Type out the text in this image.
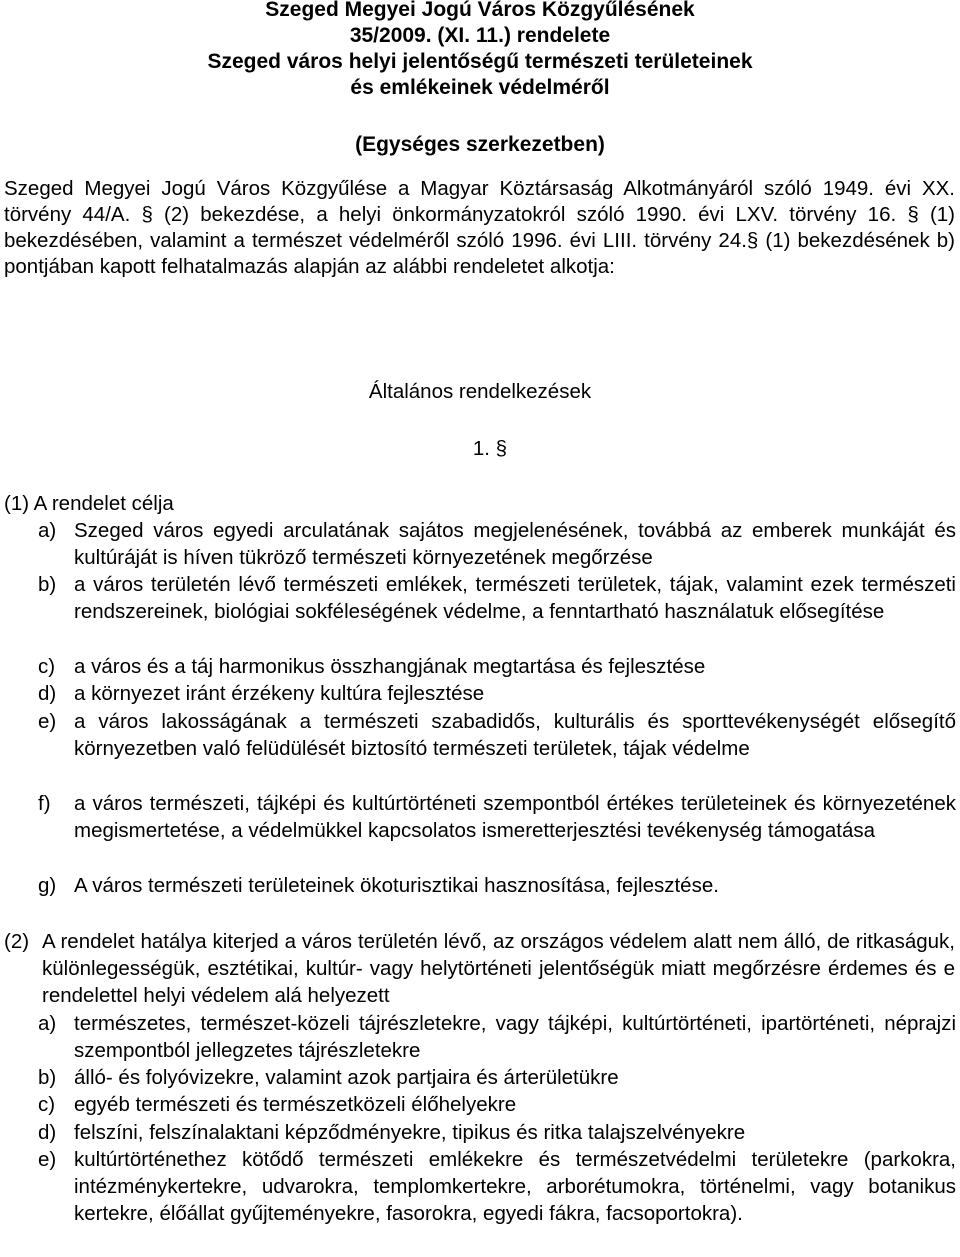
Szeged Megyei Jogú Város Közgyűlésének
35/2009. (XI. 11.) rendelete
Szeged város helyi jelentőségű természeti területeinek
és emlékeinek védelméről
(Egységes szerkezetben)
Szeged Megyei Jogú Város Közgyűlése a Magyar Köztársaság Alkotmányáról szóló 1949. évi XX. törvény 44/A. § (2) bekezdése, a helyi önkormányzatokról szóló 1990. évi LXV. törvény 16. § (1) bekezdésében, valamint a természet védelméről szóló 1996. évi LIII. törvény 24.§ (1) bekezdésének b) pontjában kapott felhatalmazás alapján az alábbi rendeletet alkotja:
Általános rendelkezések
1. §
(1) A rendelet célja
a) Szeged város egyedi arculatának sajátos megjelenésének, továbbá az emberek munkáját és kultúráját is híven tükröző természeti környezetének megőrzése
b) a város területén lévő természeti emlékek, természeti területek, tájak, valamint ezek természeti rendszereinek, biológiai sokféleségének védelme, a fenntartható használatuk elősegítése
c) a város és a táj harmonikus összhangjának megtartása és fejlesztése
d) a környezet iránt érzékeny kultúra fejlesztése
e) a város lakosságának a természeti szabadidős, kulturális és sporttevékenységét elősegítő környezetben való felüdülését biztosító természeti területek, tájak védelme
f) a város természeti, tájképi és kultúrtörténeti szempontból értékes területeinek és környezetének megismertetése, a védelmükkel kapcsolatos ismeretterjesztési tevékenység támogatása
g) A város természeti területeinek ökoturisztikai hasznosítása, fejlesztése.
(2) A rendelet hatálya kiterjed a város területén lévő, az országos védelem alatt nem álló, de ritkaságuk, különlegességük, esztétikai, kultúr- vagy helytörténeti jelentőségük miatt megőrzésre érdemes és e rendelettel helyi védelem alá helyezett
a) természetes, természet-közeli tájrészletekre, vagy tájképi, kultúrtörténeti, ipartörténeti, néprajzi szempontból jellegzetes tájrészletekre
b) álló- és folyóvizekre, valamint azok partjaira és árterületükre
c) egyéb természeti és természetközeli élőhelyekre
d) felszíni, felszínalaktani képződményekre, tipikus és ritka talajszelvényekre
e) kultúrtörténethez kötődő természeti emlékekre és természetvédelmi területekre (parkokra, intézménykertekre, udvarokra, templomkertekre, arborétumokra, történelmi, vagy botanikus kertekre, élőállat gyűjteményekre, fasorokra, egyedi fákra, facsoportokra).
